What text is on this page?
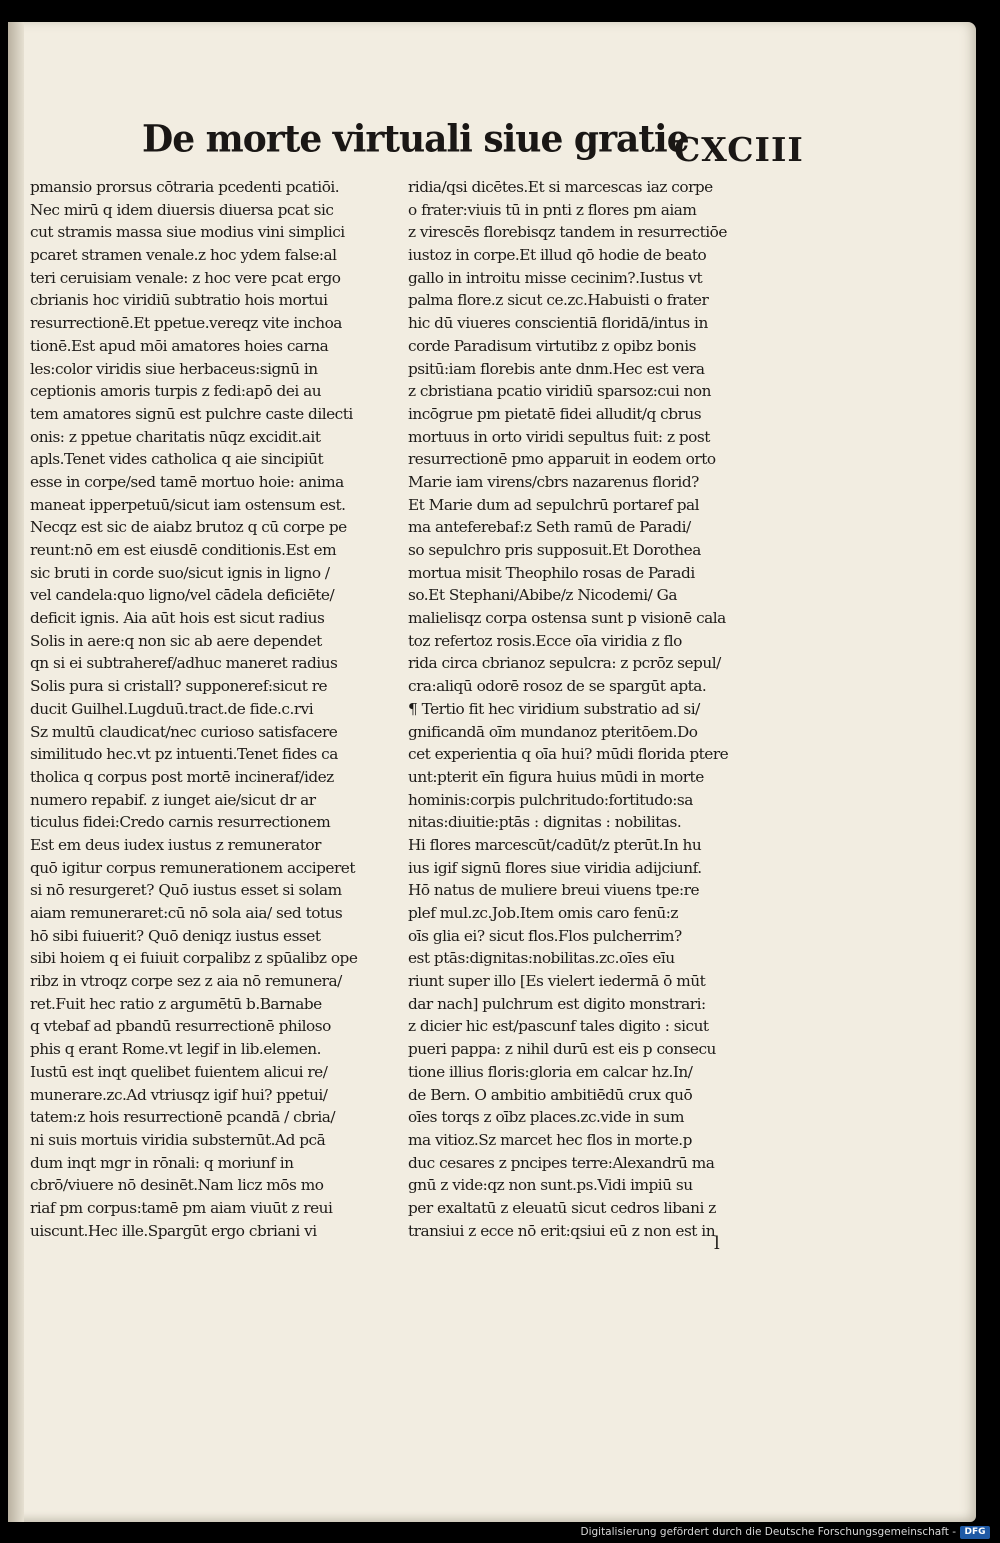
De morte virtuali siue gratie
CXCIII
pmansio prorsus cōtraria pcedenti pcatiōi.
Nec mirū q idem diuersis diuersa pcat sic
cut stramis massa siue modius vini simplici
pcaret stramen venale.z hoc ydem false:al
teri ceruisiam venale: z hoc vere pcat ergo
cbrianis hoc viridiū subtratio hois mortui
resurrectionē.Et ppetue.vereqz vite inchoa
tionē.Est apud mōi amatores hoies carna
les:color viridis siue herbaceus:signū in
ceptionis amoris turpis z fedi:apō dei au
tem amatores signū est pulchre caste dilecti
onis: z ppetue charitatis nūqz excidit.ait
apls.Tenet vides catholica q aie sincipiūt
esse in corpe/sed tamē mortuo hoie: anima
maneat ipperpetuū/sicut iam ostensum est.
Necqz est sic de aiabz brutoz q cū corpe pe
reunt:nō em est eiusdē conditionis.Est em
sic bruti in corde suo/sicut ignis in ligno /
vel candela:quo ligno/vel cādela deficiēte/
deficit ignis. Aia aūt hois est sicut radius
Solis in aere:q non sic ab aere dependet
qn si ei subtraheref/adhuc maneret radius
Solis pura si cristall? supponeref:sicut re
ducit Guilhel.Lugduū.tract.de fide.c.rvi
Sz multū claudicat/nec curioso satisfacere
similitudo hec.vt pz intuenti.Tenet fides ca
tholica q corpus post mortē incineraf/idez
numero repabif. z iunget aie/sicut dr ar
ticulus fidei:Credo carnis resurrectionem
Est em deus iudex iustus z remunerator
quō igitur corpus remunerationem acciperet
si nō resurgeret? Quō iustus esset si solam
aiam remuneraret:cū nō sola aia/ sed totus
hō sibi fuiuerit? Quō deniqz iustus esset
sibi hoiem q ei fuiuit corpalibz z spūalibz ope
ribz in vtroqz corpe sez z aia nō remunera/
ret.Fuit hec ratio z argumētū b.Barnabe
q vtebaf ad pbandū resurrectionē philoso
phis q erant Rome.vt legif in lib.elemen.
Iustū est inqt quelibet fuientem alicui re/
munerare.zc.Ad vtriusqz igif hui? ppetui/
tatem:z hois resurrectionē pcandā / cbria/
ni suis mortuis viridia substernūt.Ad pcā
dum inqt mgr in rōnali: q moriunf in
cbrō/viuere nō desinēt.Nam licz mōs mo
riaf pm corpus:tamē pm aiam viuūt z reui
uiscunt.Hec ille.Spargūt ergo cbriani vi
ridia/qsi dicētes.Et si marcescas iaz corpe
o frater:viuis tū in pnti z flores pm aiam
z virescēs florebisqz tandem in resurrectiōe
iustoz in corpe.Et illud qō hodie de beato
gallo in introitu misse cecinim?.Iustus vt
palma flore.z sicut ce.zc.Habuisti o frater
hic dū viueres conscientiā floridā/intus in
corde Paradisum virtutibz z opibz bonis
psitū:iam florebis ante dnm.Hec est vera
z cbristiana pcatio viridiū sparsoz:cui non
incōgrue pm pietatē fidei alludit/q cbrus
mortuus in orto viridi sepultus fuit: z post
resurrectionē pmo apparuit in eodem orto
Marie iam virens/cbrs nazarenus florid?
Et Marie dum ad sepulchrū portaref pal
ma anteferebaf:z Seth ramū de Paradi/
so sepulchro pris supposuit.Et Dorothea
mortua misit Theophilo rosas de Paradi
so.Et Stephani/Abibe/z Nicodemi/ Ga
malielisqz corpa ostensa sunt p visionē cala
toz refertoz rosis.Ecce oīa viridia z flo
rida circa cbrianoz sepulcra: z pcrōz sepul/
cra:aliqū odorē rosoz de se spargūt apta.
¶ Tertio fit hec viridium substratio ad si/
gnificandā oīm mundanoz pteritōem.Do
cet experientia q oīa hui? mūdi florida ptere
unt:pterit eīn figura huius mūdi in morte
hominis:corpis pulchritudo:fortitudo:sa
nitas:diuitie:ptās : dignitas : nobilitas.
Hi flores marcescūt/cadūt/z pterūt.In hu
ius igif signū flores siue viridia adijciunf.
Hō natus de muliere breui viuens tpe:re
plef mul.zc.Job.Item omis caro fenū:z
oīs glia ei? sicut flos.Flos pulcherrim?
est ptās:dignitas:nobilitas.zc.oīes eīu
riunt super illo [Es vielert iedermā ō mūt
dar nach] pulchrum est digito monstrari:
z dicier hic est/pascunf tales digito : sicut
pueri pappa: z nihil durū est eis p consecu
tione illius floris:gloria em calcar hz.In/
de Bern. O ambitio ambitiēdū crux quō
oīes torqs z oībz places.zc.vide in sum
ma vitioz.Sz marcet hec flos in morte.p
duc cesares z pncipes terre:Alexandrū ma
gnū z vide:qz non sunt.ps.Vidi impiū su
per exaltatū z eleuatū sicut cedros libani z
transiui z ecce nō erit:qsiui eū z non est in
l
Digitalisierung gefördert durch die Deutsche Forschungsgemeinschaft - DFG
